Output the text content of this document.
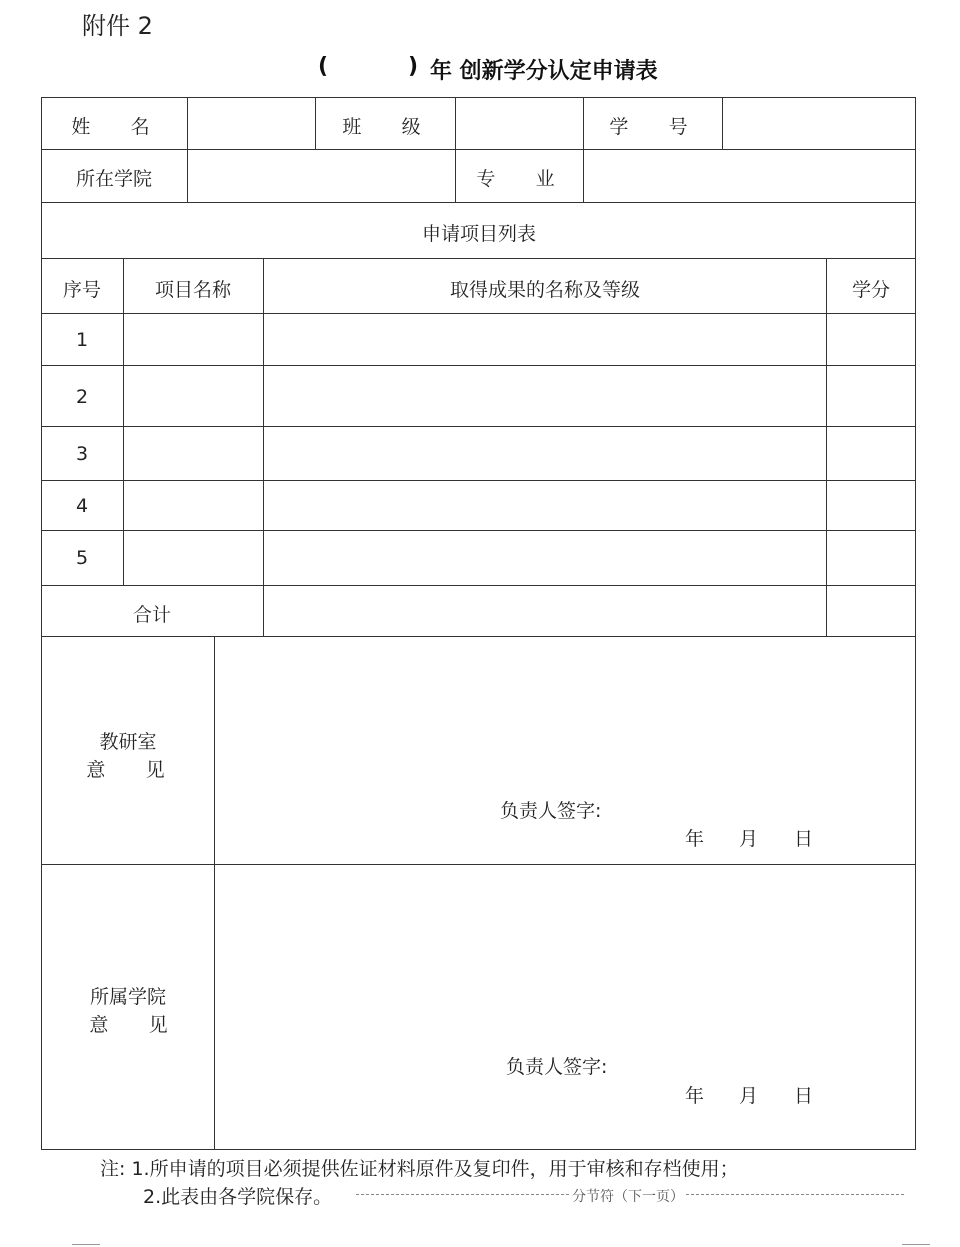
附件 2
(	) 年 创新学分认定申请表
姓 名	班 级	学 号
所在学院	专 业
申请项目列表
序号	项目名称	取得成果的名称及等级	学分
1
2
3
4
5
合计
教研室
意 见
负责人签字:
年 月 日
所属学院
意 见
负责人签字:
年 月 日
注: 1.所申请的项目必须提供佐证材料原件及复印件，用于审核和存档使用；
2.此表由各学院保存。	分节符（下一页）
